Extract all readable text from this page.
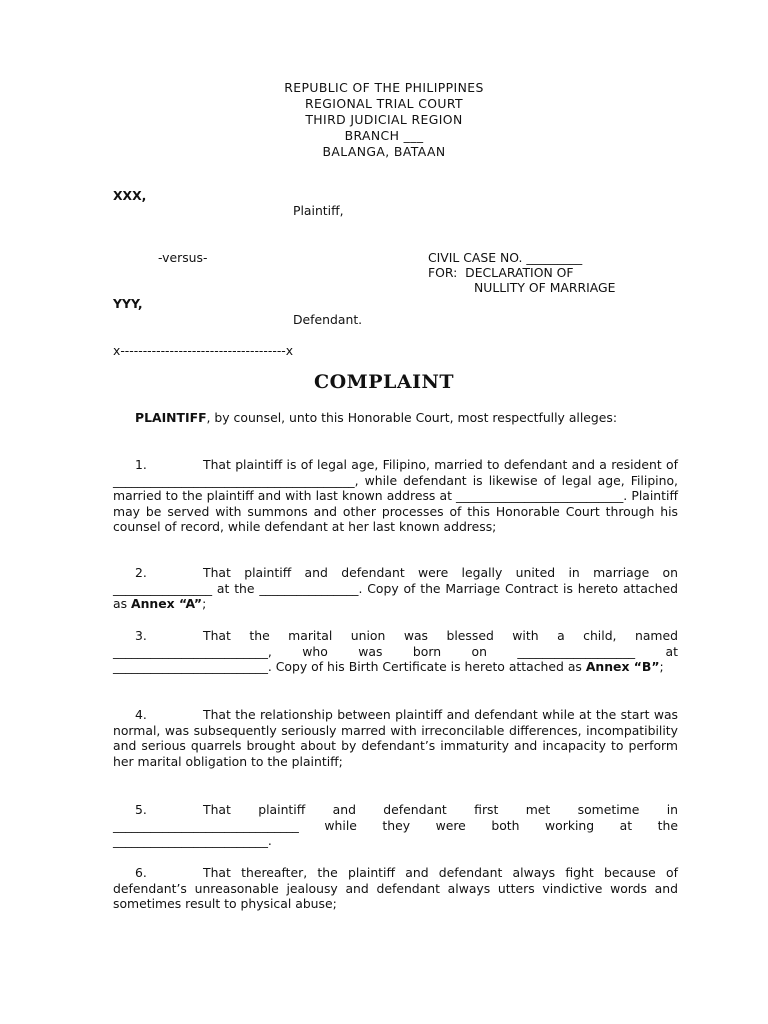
REPUBLIC OF THE PHILIPPINES
REGIONAL TRIAL COURT
THIRD JUDICIAL REGION
BRANCH ___
BALANGA, BATAAN
XXX,
Plaintiff,
-versus-	CIVIL CASE NO. _________
FOR:  DECLARATION OF
NULLITY OF MARRIAGE
YYY,
Defendant.
x-------------------------------------x
COMPLAINT

PLAINTIFF, by counsel, unto this Honorable Court, most respectfully alleges:

1.	That plaintiff is of legal age, Filipino, married to defendant and a resident of _______________________________________, while defendant is likewise of legal age, Filipino, married to the plaintiff and with last known address at ___________________________. Plaintiff may be served with summons and other processes of this Honorable Court through his counsel of record, while defendant at her last known address;

2.	That plaintiff and defendant were legally united in marriage on ________________ at the ________________. Copy of the Marriage Contract is hereto attached as Annex “A”;

3.	That the marital union was blessed with a child, named _________________________, who was born on ___________________ at _________________________. Copy of his Birth Certificate is hereto attached as Annex “B”;

4.	That the relationship between plaintiff and defendant while at the start was normal, was subsequently seriously marred with irreconcilable differences, incompatibility and serious quarrels brought about by defendant’s immaturity and incapacity to perform her marital obligation to the plaintiff;

5.	That plaintiff and defendant first met sometime in ______________________________ while they were both working at the _________________________.

6.	That thereafter, the plaintiff and defendant always fight because of defendant’s unreasonable jealousy and defendant always utters vindictive words and sometimes result to physical abuse;
